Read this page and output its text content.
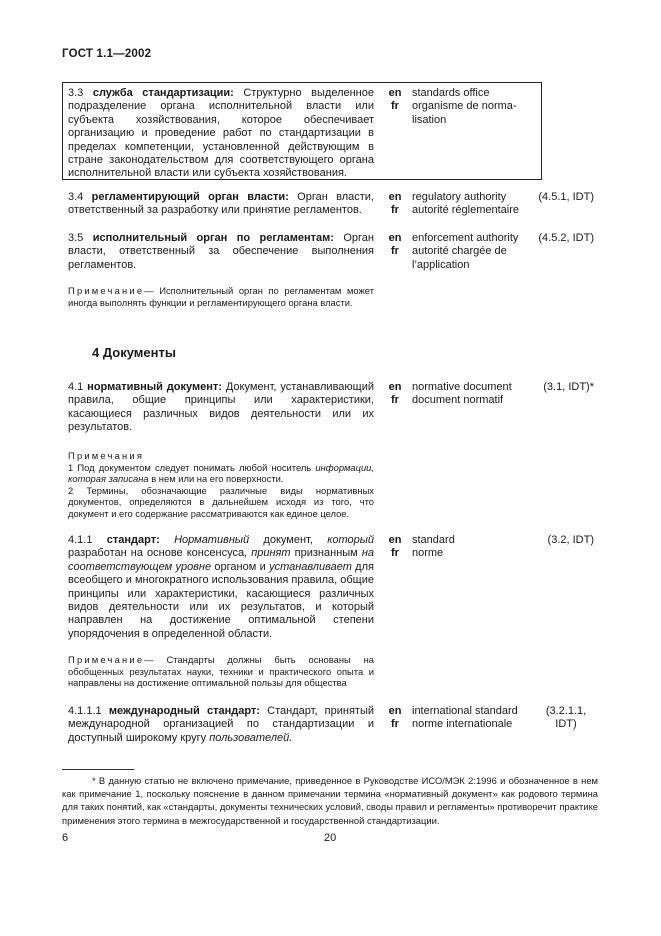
ГОСТ 1.1—2002
3.3 служба стандартизации: Структурно выделенное подразделение органа исполнительной власти или субъекта хозяйствования, которое обеспечивает организацию и проведение работ по стандартизации в пределах компетенции, установленной действующим в стране законодательством для соответствующего органа исполнительной власти или субъекта хозяйствования.
en
fr
standards office
organisme de norma-
lisation
3.4 регламентирующий орган власти: Орган власти, ответственный за разработку или принятие регламентов.
en
fr
regulatory authority
autorité réglementaire
(4.5.1, IDT)
3.5 исполнительный орган по регламентам: Орган власти, ответственный за обеспечение выполнения регламентов.
en
fr
enforcement authority
autorité chargée de l’application
(4.5.2, IDT)
Примечание— Исполнительный орган по регламентам может иногда выполнять функции и регламентирующего органа власти.
4 Документы
4.1 нормативный документ: Документ, устанавливающий правила, общие принципы или характеристики, касающиеся различных видов деятельности или их результатов.
en
fr
normative document
document normatif
(3.1, IDT)*
Примечания
1 Под документом следует понимать любой носитель информации, которая записана в нем или на его поверхности.
2 Термины, обозначающие различные виды нормативных документов, определяются в дальнейшем исходя из того, что документ и его содержание рассматриваются как единое целое.
4.1.1 стандарт: Нормативный документ, который разработан на основе консенсуса, принят признанным на соответствующем уровне органом и устанавливает для всеобщего и многократного использования правила, общие принципы или характеристики, касающиеся различных видов деятельности или их результатов, и который направлен на достижение оптимальной степени упорядочения в определенной области.
en
fr
standard
norme
(3.2, IDT)
Примечание— Стандарты должны быть основаны на обобщенных результатах науки, техники и практического опыта и направлены на достижение оптимальной пользы для общества
4.1.1.1 международный стандарт: Стандарт, принятый международной организацией по стандартизации и доступный широкому кругу пользователей.
en
fr
international standard
norme internationale
(3.2.1.1,
IDT)
* В данную статью не включено примечание, приведенное в Руководстве ИСО/МЭК 2:1996 и обозначенное в нем как примечание 1, поскольку пояснение в данном примечании термина «нормативный документ» как родового термина для таких понятий, как «стандарты, документы технических условий, своды правил и регламенты» противоречит практике применения этого термина в межгосударственной и государственной стандартизации.
6	20
